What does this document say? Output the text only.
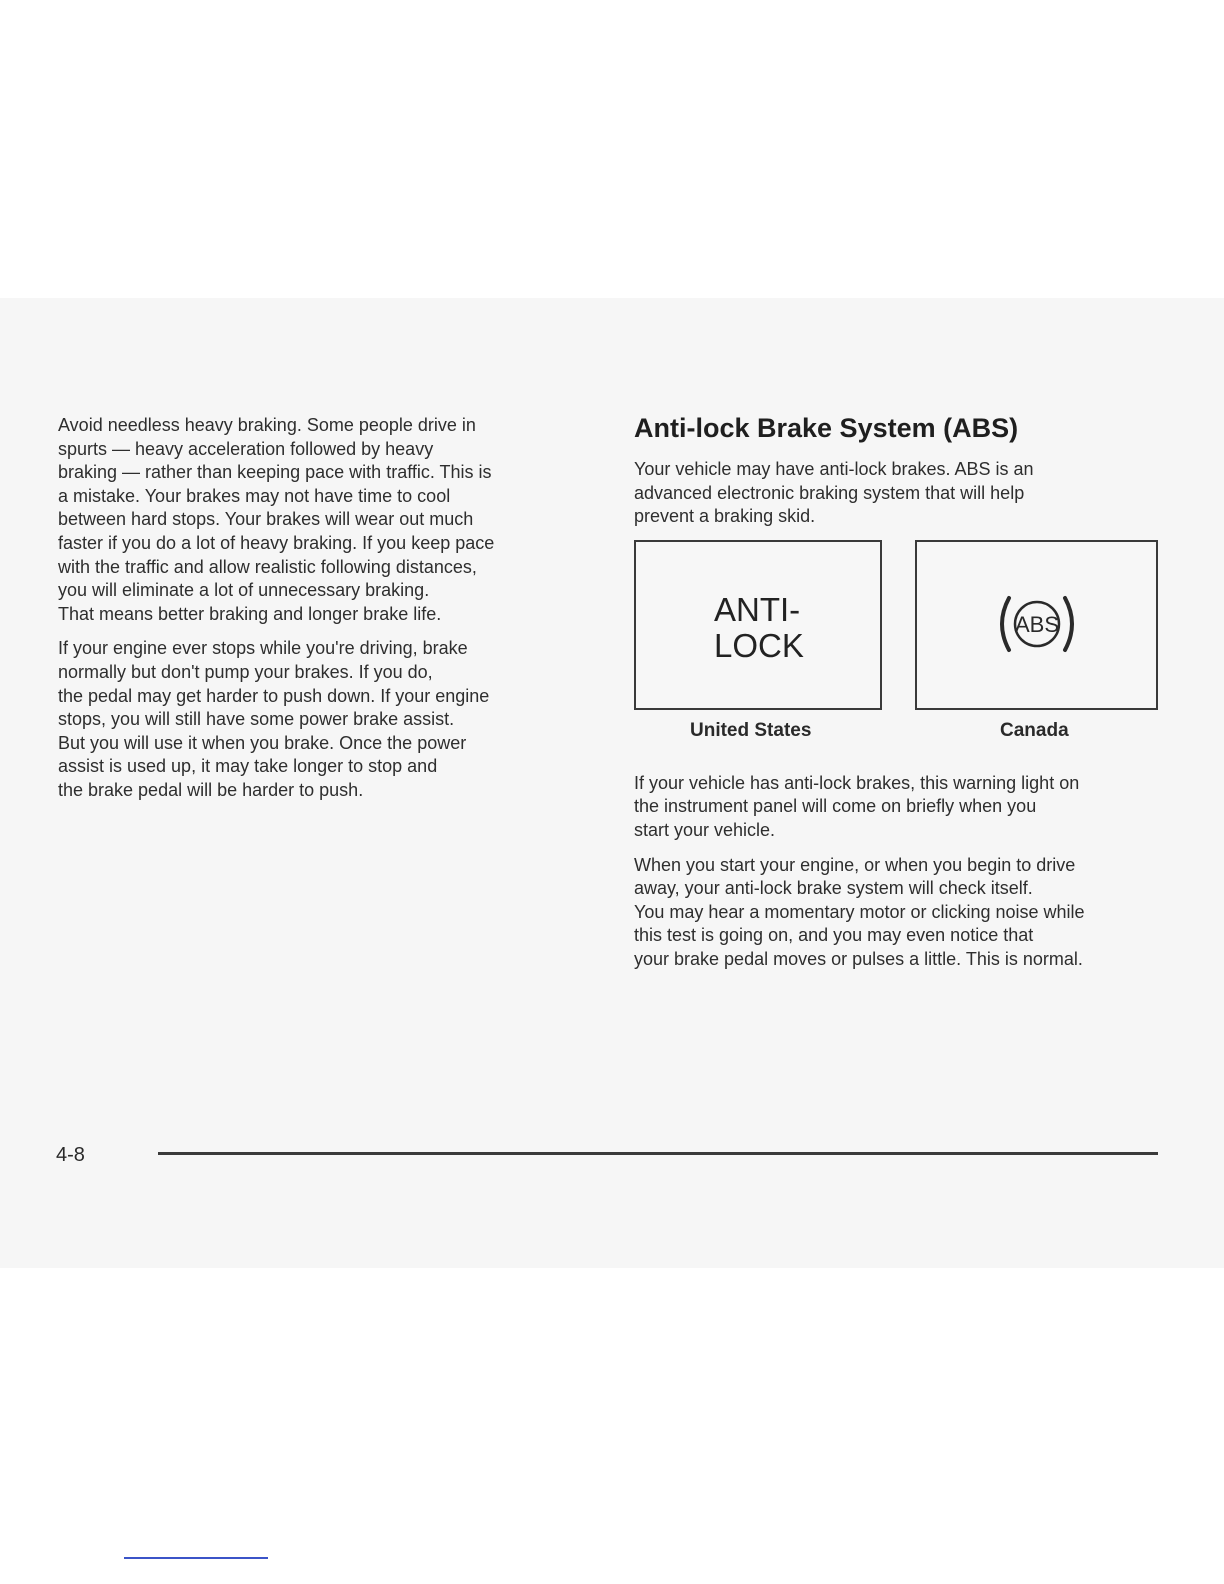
Avoid needless heavy braking. Some people drive in
spurts — heavy acceleration followed by heavy
braking — rather than keeping pace with traffic. This is
a mistake. Your brakes may not have time to cool
between hard stops. Your brakes will wear out much
faster if you do a lot of heavy braking. If you keep pace
with the traffic and allow realistic following distances,
you will eliminate a lot of unnecessary braking.
That means better braking and longer brake life.

If your engine ever stops while you're driving, brake
normally but don't pump your brakes. If you do,
the pedal may get harder to push down. If your engine
stops, you will still have some power brake assist.
But you will use it when you brake. Once the power
assist is used up, it may take longer to stop and
the brake pedal will be harder to push.

Anti-lock Brake System (ABS)

Your vehicle may have anti-lock brakes. ABS is an
advanced electronic braking system that will help
prevent a braking skid.

ANTI-
LOCK
ABS
United States	Canada

If your vehicle has anti-lock brakes, this warning light on
the instrument panel will come on briefly when you
start your vehicle.

When you start your engine, or when you begin to drive
away, your anti-lock brake system will check itself.
You may hear a momentary motor or clicking noise while
this test is going on, and you may even notice that
your brake pedal moves or pulses a little. This is normal.

4-8
